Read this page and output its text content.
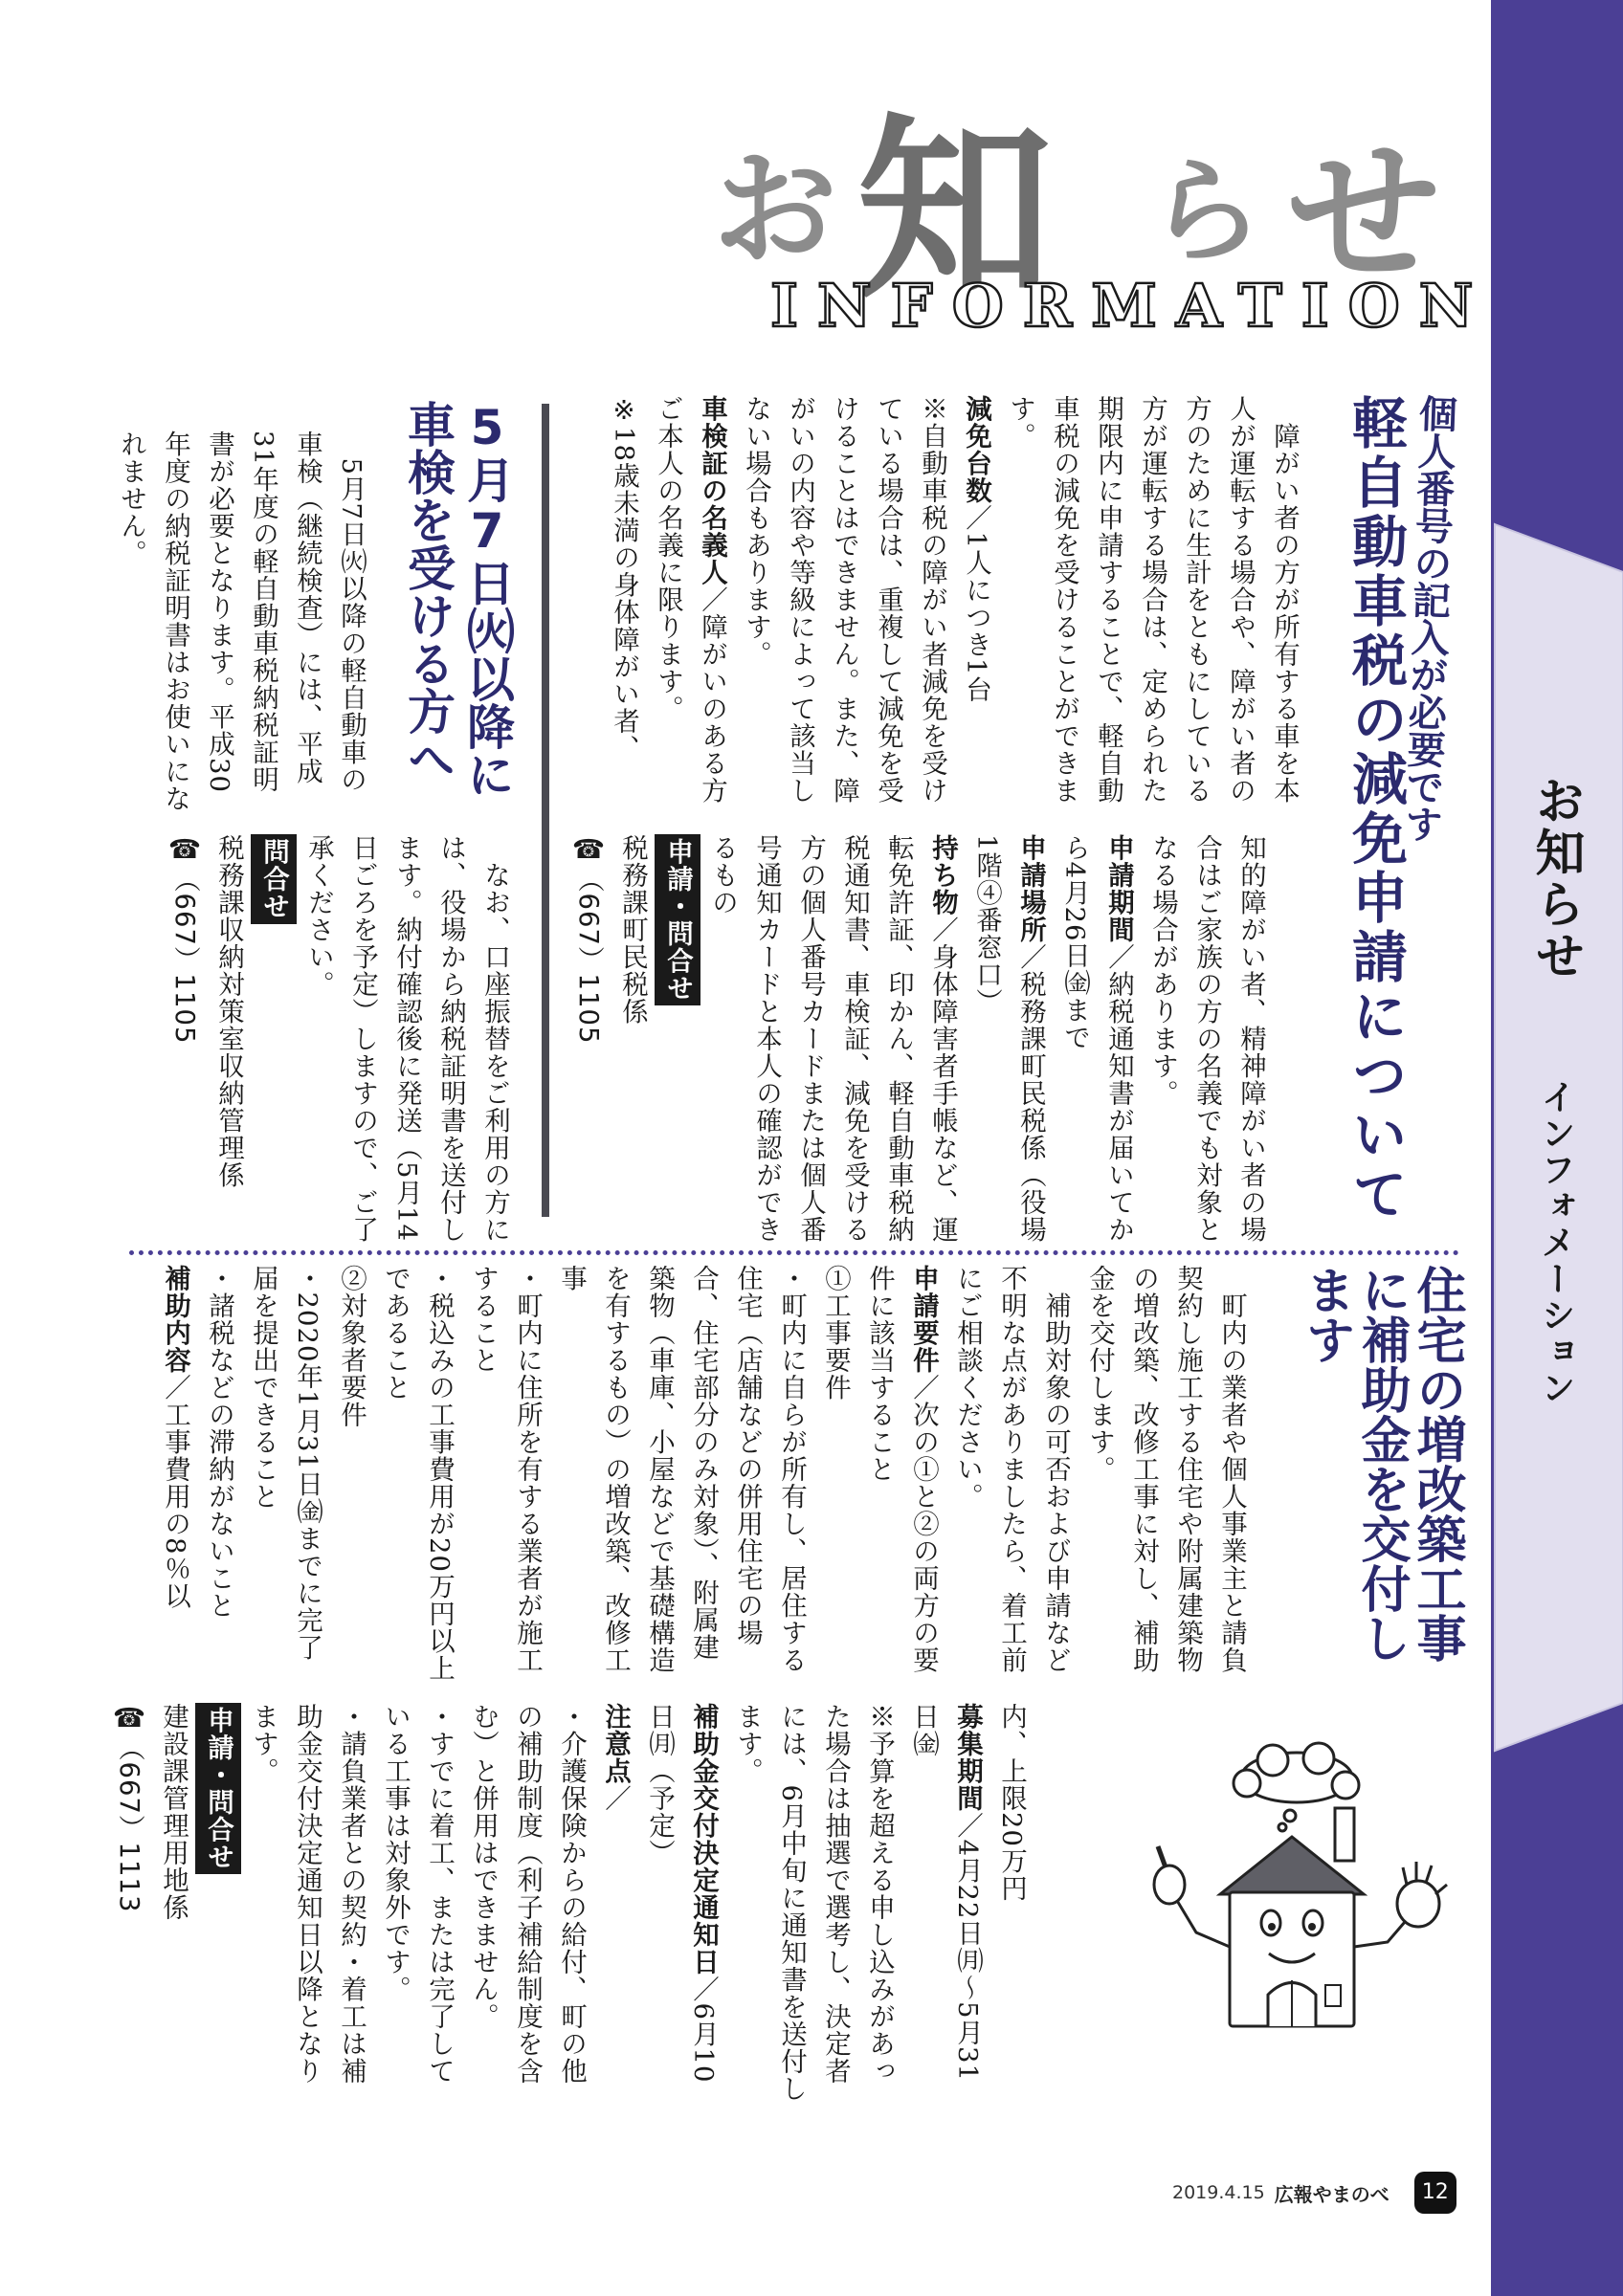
お知らせ
インフォメーション
お 知 ら せ
INFORMATION
個人番号の記入が必要です
軽自動車税の減免申請について

　障がい者の方が所有する車を本人が運転する場合や、障がい者の方のために生計をともにしている方が運転する場合は、定められた期限内に申請することで、軽自動車税の減免を受けることができます。

減免台数／1人につき1台

※自動車税の障がい者減免を受けている場合は、重複して減免を受けることはできません。また、障がいの内容や等級によって該当しない場合もあります。

車検証の名義人／障がいのある方ご本人の名義に限ります。

※18歳未満の身体障がい者、

知的障がい者、精神障がい者の場合はご家族の方の名義でも対象となる場合があります。

申請期間／納税通知書が届いてから4月26日㈮まで

申請場所／税務課町民税係（役場1階④番窓口）

持ち物／身体障害者手帳など、運転免許証、印かん、軽自動車税納税通知書、車検証、減免を受ける方の個人番号カードまたは個人番号通知カードと本人の確認ができるもの

申請・問合せ

税務課町民税係

☎（667）1105

5月7日㈫以降に
車検を受ける方へ

　5月7日㈫以降の軽自動車の車検（継続検査）には、平成31年度の軽自動車税納税証明書が必要となります。平成30年度の納税証明書はお使いになれません。

　なお、口座振替をご利用の方には、役場から納税証明書を送付します。納付確認後に発送（5月14日ごろを予定）しますので、ご了承ください。

問合せ

税務課収納対策室収納管理係

☎（667）1105

住宅の増改築工事
に補助金を交付し
ます

　町内の業者や個人事業主と請負契約し施工する住宅や附属建築物の増改築、改修工事に対し、補助金を交付します。

　補助対象の可否および申請など不明な点がありましたら、着工前にご相談ください。

申請要件／次の①と②の両方の要件に該当すること

①工事要件

・町内に自らが所有し、居住する住宅（店舗などの併用住宅の場合、住宅部分のみ対象）、附属建築物（車庫、小屋などで基礎構造を有するもの）の増改築、改修工事

・町内に住所を有する業者が施工すること

・税込みの工事費用が20万円以上であること

②対象者要件

・2020年1月31日㈮までに完了届を提出できること

・諸税などの滞納がないこと

補助内容／工事費用の8％以

内、上限20万円

募集期間／4月22日㈪～5月31日㈮

※予算を超える申し込みがあった場合は抽選で選考し、決定者には、6月中旬に通知書を送付します。

補助金交付決定通知日／6月10日㈪（予定）

注意点／

・介護保険からの給付、町の他の補助制度（利子補給制度を含む）と併用はできません。

・すでに着工、または完了している工事は対象外です。

・請負業者との契約・着工は補助金交付決定通知日以降となります。

申請・問合せ

建設課管理用地係

☎（667）1113

2019.4.15 広報やまのべ	12
